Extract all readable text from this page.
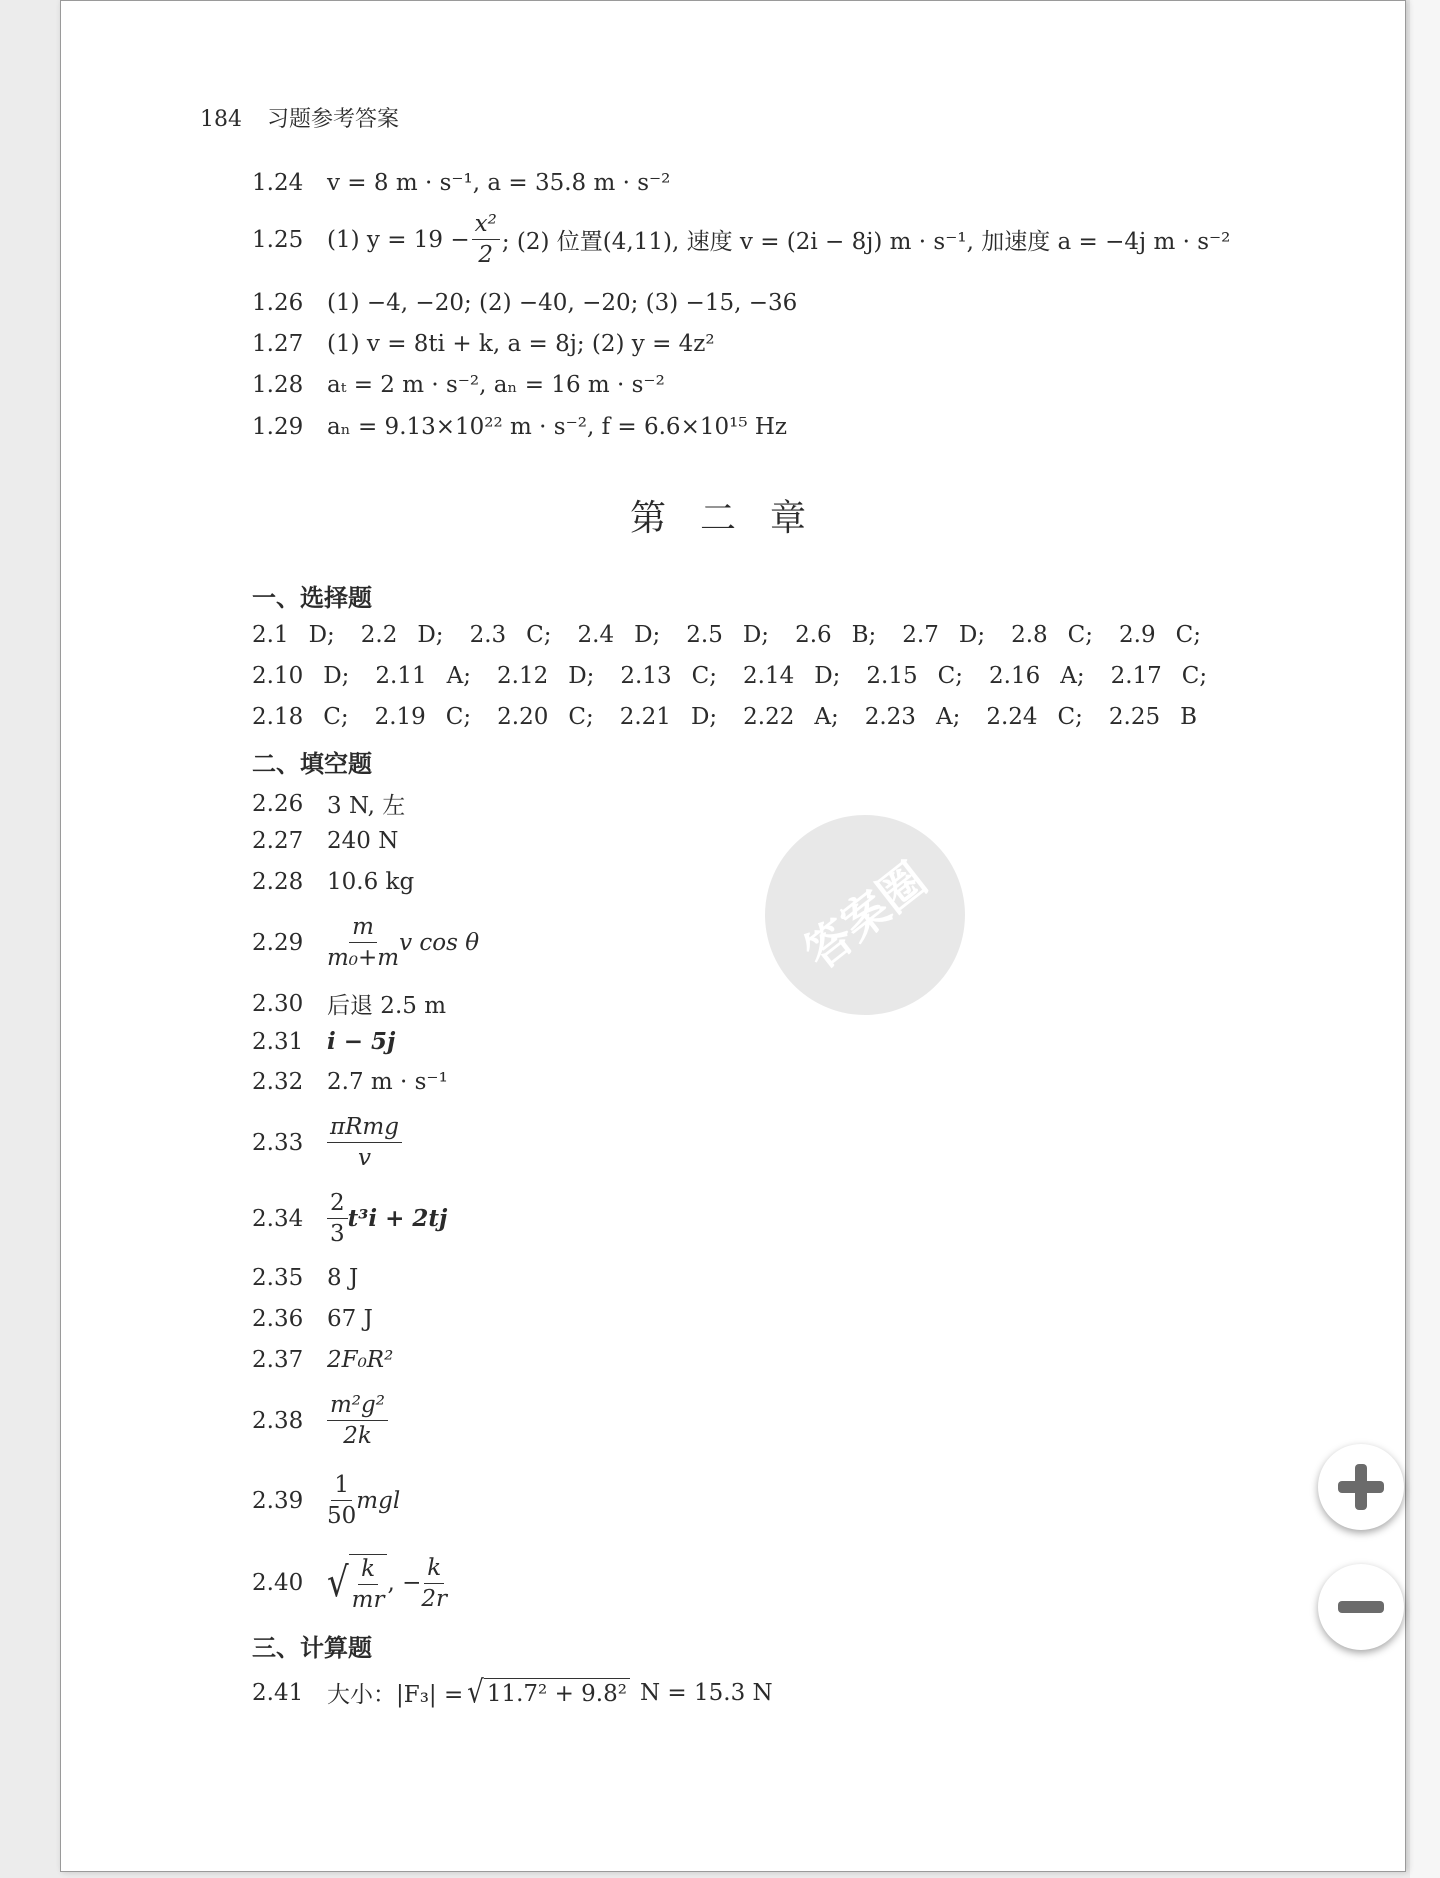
184 习题参考答案
1.24	v = 8 m · s⁻¹, a = 35.8 m · s⁻²
1.25	(1) $y = 19 - \frac{\text{x²}}{2}$ ; (2) 位置(4,11), 速度 v = (2i − 8j) m · s⁻¹, 加速度 a = −4j m · s⁻²
1.26	(1) −4, −20; (2) −40, −20; (3) −15, −36
1.27	(1) v = 8ti + k, a = 8j; (2) y = 4z²
1.28	aₜ = 2 m · s⁻², aₙ = 16 m · s⁻²
1.29	aₙ = 9.13×10²² m · s⁻², f = 6.6×10¹⁵ Hz
第二章
一、选择题
2.1 D; 2.2 D; 2.3 C; 2.4 D; 2.5 D; 2.6 B; 2.7 D; 2.8 C; 2.9 C;
2.10 D; 2.11 A; 2.12 D; 2.13 C; 2.14 D; 2.15 C; 2.16 A; 2.17 C;
2.18 C; 2.19 C; 2.20 C; 2.21 D; 2.22 A; 2.23 A; 2.24 C; 2.25 B
二、填空题
2.26	3 N, 左
2.27	240 N
2.28	10.6 kg
2.29	$\frac{m}{\text{m₀+m}}$ v cos θ
2.30	后退 2.5 m
2.31	i − 5j
2.32	2.7 m · s⁻¹
2.33	$\frac{\text{πRmg}}{v}$
2.34	$\frac{2}{3} t^3i + 2tj$
2.35	8 J
2.36	67 J
2.37	2F₀R²
2.38	$\frac{\text{m²g²}}{2k}$
2.39	$\frac{1}{50}$ mgl
2.40 √ $\frac{k}{mr}$ , − $\frac{k}{2r}$
三、计算题
2.41	大小：|F₃| = √ 11.7² + 9.8² N = 15.3 N
答案圈
